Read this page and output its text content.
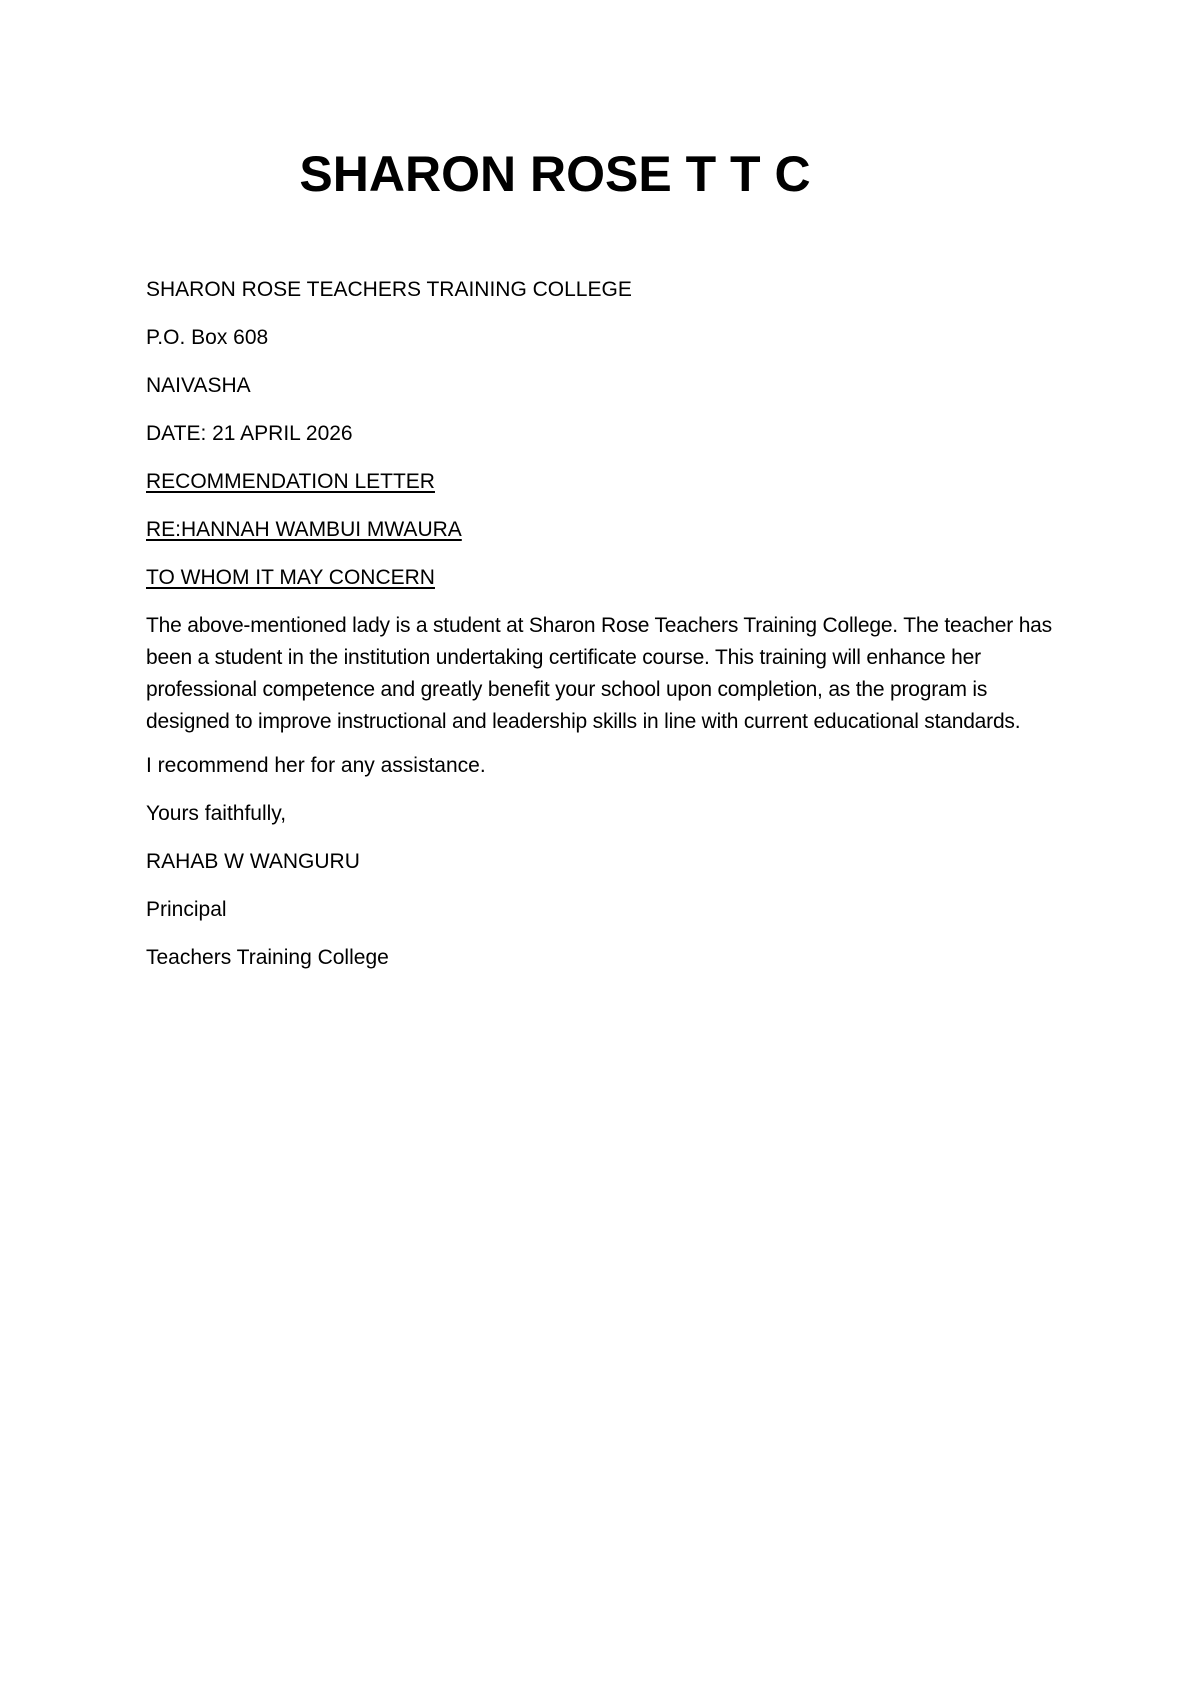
SHARON ROSE T T C
SHARON ROSE TEACHERS TRAINING COLLEGE
P.O. Box 608
NAIVASHA
DATE: 21 APRIL 2026
RECOMMENDATION LETTER
RE:HANNAH WAMBUI MWAURA
TO WHOM IT MAY CONCERN
The above-mentioned lady is a student at Sharon Rose Teachers Training College. The teacher has been a student in the institution undertaking certificate course. This training will enhance her professional competence and greatly benefit your school upon completion, as the program is designed to improve instructional and leadership skills in line with current educational standards.
I recommend her for any assistance.
Yours faithfully,
RAHAB W WANGURU
Principal
Teachers Training College
